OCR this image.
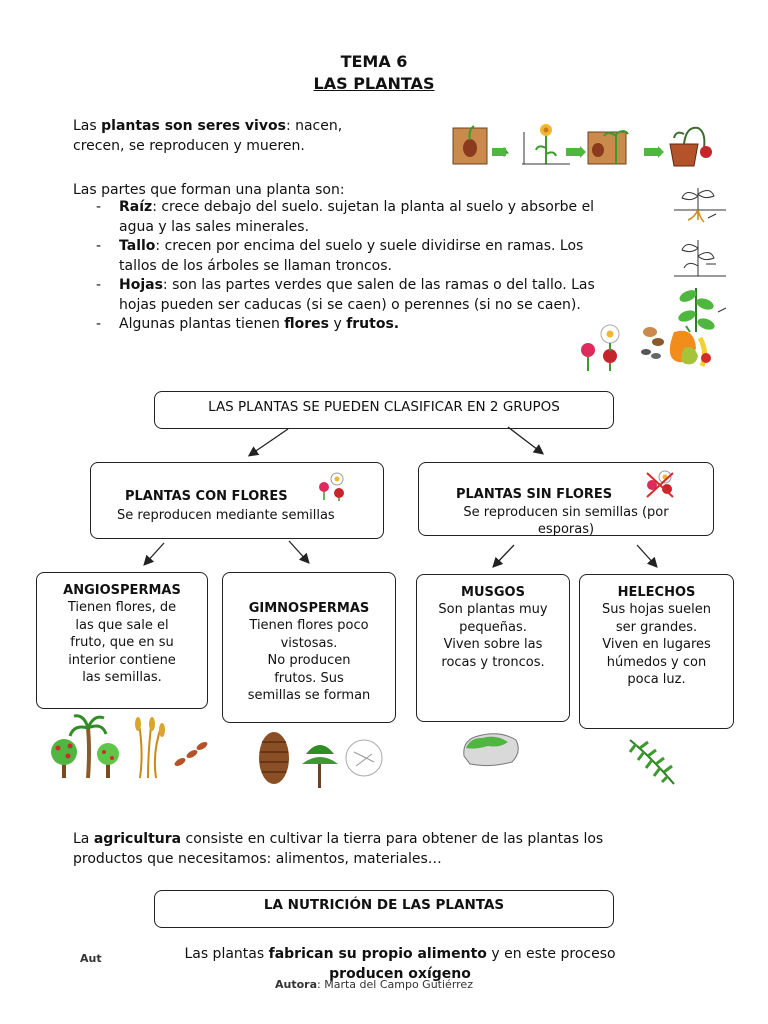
TEMA 6
LAS PLANTAS
Las plantas son seres vivos: nacen,
crecen, se reproducen y mueren.
Las partes que forman una planta son:
- Raíz: crece debajo del suelo. sujetan la planta al suelo y absorbe el
agua y las sales minerales.
- Tallo: crecen por encima del suelo y suele dividirse en ramas. Los
tallos de los árboles se llaman troncos.
- Hojas: son las partes verdes que salen de las ramas o del tallo. Las
hojas pueden ser caducas (si se caen) o perennes (si no se caen).
- Algunas plantas tienen flores y frutos.
LAS PLANTAS SE PUEDEN CLASIFICAR EN 2 GRUPOS
PLANTAS CON FLORES
Se reproducen mediante semillas
PLANTAS SIN FLORES
Se reproducen sin semillas (por
esporas)
ANGIOSPERMAS
Tienen flores, de
las que sale el
fruto, que en su
interior contiene
las semillas.
GIMNOSPERMAS
Tienen flores poco
vistosas.
No producen
frutos. Sus
semillas se forman
MUSGOS
Son plantas muy
pequeñas.
Viven sobre las
rocas y troncos.
HELECHOS
Sus hojas suelen
ser grandes.
Viven en lugares
húmedos y con
poca luz.
La agricultura consiste en cultivar la tierra para obtener de las plantas los
productos que necesitamos: alimentos, materiales…
LA NUTRICIÓN DE LAS PLANTAS
Aut	Las plantas fabrican su propio alimento y en este proceso
producen oxígeno
Autora: Marta del Campo Gutiérrez
